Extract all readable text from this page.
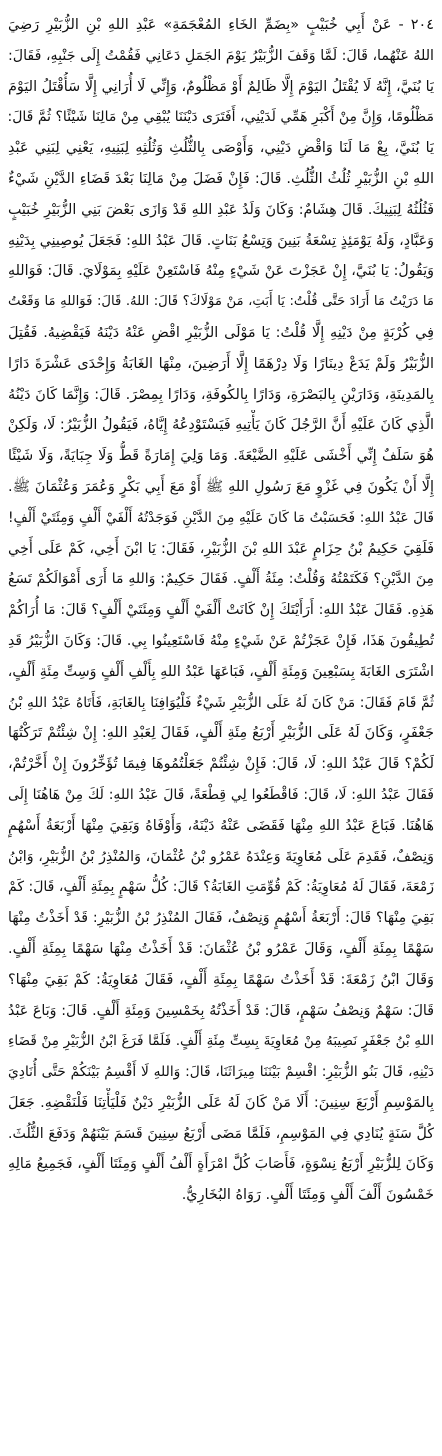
٢٠٤ - عَنْ أَبِي خُبَيْبٍ «بِضَمِّ الخَاءِ المُعْجَمَةِ» عَبْدِ اللهِ بْنِ الزُّبَيْرِ رَضِيَ
اللهُ عَنْهُما، قَالَ: لَمَّا وَقَفَ الزُّبَيْرُ يَوْمَ الجَمَلِ دَعَانِي فَقُمْتُ إِلَى جَنْبِهِ، فَقَالَ:
يَا بُنَيَّ، إِنَّهُ لَا يُقْتَلُ اليَوْمَ إِلَّا ظَالِمٌ أَوْ مَظْلُومٌ، وَإِنِّي لَا أُرَانِي إِلَّا سَأُقْتَلُ اليَوْمَ
مَظْلُومًا، وَإِنَّ مِنْ أَكْبَرِ هَمِّي لَدَيْنِي، أَفَتَرَى دَيْنَنَا يُبْقِي مِنْ مَالِنَا شَيْئًا؟ ثُمَّ قَالَ:
يَا بُنَيَّ، بِعْ مَا لَنَا وَاقْضِ دَيْنِي، وَأَوْصَى بِالثُّلُثِ وَثُلُثِهِ لِبَنِيهِ، يَعْنِي لِبَنِي عَبْدِ
اللهِ بْنِ الزُّبَيْرِ ثُلُثُ الثُّلُثِ. قَالَ: فَإِنْ فَضَلَ مِنْ مَالِنَا بَعْدَ قَضَاءِ الدَّيْنِ شَيْءٌ
فَثُلُثُهُ لِبَنِيكَ. قَالَ هِشَامٌ: وَكَانَ وَلَدُ عَبْدِ اللهِ قَدْ وَازَى بَعْضَ بَنِي الزُّبَيْرِ خُبَيْبٍ
وَعَبَّادٍ، وَلَهُ يَوْمَئِذٍ تِسْعَةُ بَنِينَ وَتِسْعُ بَنَاتٍ. قَالَ عَبْدُ اللهِ: فَجَعَلَ يُوصِينِي بِدَيْنِهِ
وَيَقُولُ: يَا بُنَيَّ، إِنْ عَجَزْتَ عَنْ شَيْءٍ مِنْهُ فَاسْتَعِنْ عَلَيْهِ بِمَوْلَايَ. قَالَ: فَوَاللهِ
مَا دَرَيْتُ مَا أَرَادَ حَتَّى قُلْتُ: يَا أَبَتِ، مَنْ مَوْلَاكَ؟ قَالَ: اللهُ. قَالَ: فَوَاللهِ مَا وَقَعْتُ
فِي كُرْبَةٍ مِنْ دَيْنِهِ إِلَّا قُلْتُ: يَا مَوْلَى الزُّبَيْرِ اقْضِ عَنْهُ دَيْنَهُ فَيَقْضِيهُ. فَقُتِلَ
الزُّبَيْرُ وَلَمْ يَدَعْ دِينَارًا وَلَا دِرْهَمًا إِلَّا أَرَضِينَ، مِنْهَا الغَابَةُ وَإِحْدَى عَشْرَةَ دَارًا
بِالمَدِينَةِ، وَدَارَيْنِ بِالبَصْرَةِ، وَدَارًا بِالكُوفَةِ، وَدَارًا بِمِصْرَ. قَالَ: وَإِنَّمَا كَانَ دَيْنُهُ
الَّذِي كَانَ عَلَيْهِ أَنَّ الرَّجُلَ كَانَ يَأْتِيهِ فَيَسْتَوْدِعُهُ إِيَّاهُ، فَيَقُولُ الزُّبَيْرُ: لَا، وَلَكِنْ
هُوَ سَلَفٌ إِنِّي أَخْشَى عَلَيْهِ الضَّيْعَةَ. وَمَا وَلِيَ إِمَارَةً قَطُّ وَلَا جِبَايَةً، وَلَا شَيْئًا
إِلَّا أَنْ يَكُونَ فِي غَزْوٍ مَعَ رَسُولِ اللهِ ﷺ أَوْ مَعَ أَبِي بَكْرٍ وَعُمَرَ وَعُثْمَانَ ﷺ.
قَالَ عَبْدُ اللهِ: فَحَسَبْتُ مَا كَانَ عَلَيْهِ مِنَ الدَّيْنِ فَوَجَدْتُهُ أَلْفَيْ أَلْفٍ وَمِئَتَيْ أَلْفٍ!
فَلَقِيَ حَكِيمُ بْنُ حِزَامٍ عَبْدَ اللهِ بْنَ الزُّبَيْرِ، فَقَالَ: يَا ابْنَ أَخِي، كَمْ عَلَى أَخِي
مِنَ الدَّيْنِ؟ فَكَتَمْتُهُ وَقُلْتُ: مِئَةُ أَلْفٍ. فَقَالَ حَكِيمٌ: وَاللهِ مَا أَرَى أَمْوَالَكُمْ تَسَعُ
هَذِهِ. فَقَالَ عَبْدُ اللهِ: أَرَأَيْتَكَ إِنْ كَانَتْ أَلْفَيْ أَلْفٍ وَمِئَتَيْ أَلْفٍ؟ قَالَ: مَا أُرَاكُمْ
تُطِيقُونَ هَذَا، فَإِنْ عَجَزْتُمْ عَنْ شَيْءٍ مِنْهُ فَاسْتَعِينُوا بِي. قَالَ: وَكَانَ الزُّبَيْرُ قَدِ
اشْتَرَى الغَابَةَ بِسَبْعِينَ وَمِئَةِ أَلْفٍ، فَبَاعَهَا عَبْدُ اللهِ بِأَلْفِ أَلْفٍ وَسِتِّ مِئَةِ أَلْفٍ،
ثُمَّ قَامَ فَقَالَ: مَنْ كَانَ لَهُ عَلَى الزُّبَيْرِ شَيْءٌ فَلْيُوَافِنَا بِالغَابَةِ، فَأَتَاهُ عَبْدُ اللهِ بْنُ
جَعْفَرٍ، وَكَانَ لَهُ عَلَى الزُّبَيْرِ أَرْبَعُ مِئَةِ أَلْفٍ، فَقَالَ لِعَبْدِ اللهِ: إِنْ شِئْتُمْ تَرَكْتُهَا
لَكُمْ؟ قَالَ عَبْدُ اللهِ: لَا، قَالَ: فَإِنْ شِئْتُمْ جَعَلْتُمُوهَا فِيمَا تُؤَخِّرُونَ إِنْ أَخَّرْتُمْ،
فَقَالَ عَبْدُ اللهِ: لَا، قَالَ: فَاقْطَعُوا لِي قِطْعَةً، قَالَ عَبْدُ اللهِ: لَكَ مِنْ هَاهُنَا إِلَى
هَاهُنَا. فَبَاعَ عَبْدُ اللهِ مِنْهَا فَقَضَى عَنْهُ دَيْنَهُ، وَأَوْفَاهُ وَبَقِيَ مِنْهَا أَرْبَعَةُ أَسْهُمٍ
وَنِصْفٌ، فَقَدِمَ عَلَى مُعَاوِيَةَ وَعِنْدَهُ عَمْرُو بْنُ عُثْمَانَ، وَالمُنْذِرُ بْنُ الزُّبَيْرِ، وَابْنُ
زَمْعَةَ، فَقَالَ لَهُ مُعَاوِيَةُ: كَمْ قُوِّمَتِ الغَابَةُ؟ قَالَ: كُلُّ سَهْمٍ بِمِئَةِ أَلْفٍ، قَالَ: كَمْ
بَقِيَ مِنْهَا؟ قَالَ: أَرْبَعَةُ أَسْهُمٍ وَنِصْفٌ، فَقَالَ المُنْذِرُ بْنُ الزُّبَيْرِ: قَدْ أَخَذْتُ مِنْهَا
سَهْمًا بِمِئَةِ أَلْفٍ، وَقَالَ عَمْرُو بْنُ عُثْمَانَ: قَدْ أَخَذْتُ مِنْهَا سَهْمًا بِمِئَةِ أَلْفٍ.
وَقَالَ ابْنُ زَمْعَةَ: قَدْ أَخَذْتُ سَهْمًا بِمِئَةِ أَلْفٍ، فَقَالَ مُعَاوِيَةُ: كَمْ بَقِيَ مِنْهَا؟
قَالَ: سَهْمٌ وَنِصْفُ سَهْمٍ، قَالَ: قَدْ أَخَذْتُهُ بِخَمْسِينَ وَمِئَةِ أَلْفٍ. قَالَ: وَبَاعَ عَبْدُ
اللهِ بْنُ جَعْفَرٍ نَصِيبَهُ مِنْ مُعَاوِيَةَ بِسِتِّ مِئَةِ أَلْفٍ. فَلَمَّا فَرَغَ ابْنُ الزُّبَيْرِ مِنْ قَضَاءِ
دَيْنِهِ، قَالَ بَنُو الزُّبَيْرِ: اقْسِمْ بَيْنَنَا مِيرَاثَنَا، قَالَ: وَاللهِ لَا أَقْسِمُ بَيْنَكُمْ حَتَّى أُنَادِيَ
بِالمَوْسِمِ أَرْبَعَ سِنِينَ: أَلَا مَنْ كَانَ لَهُ عَلَى الزُّبَيْرِ دَيْنٌ فَلْيَأْتِنَا فَلْنَقْضِهِ. جَعَلَ
كُلَّ سَنَةٍ يُنَادِي فِي المَوْسِمِ، فَلَمَّا مَضَى أَرْبَعُ سِنِينَ قَسَمَ بَيْنَهُمْ وَدَفَعَ الثُّلُثَ.
وَكَانَ لِلزُّبَيْرِ أَرْبَعُ نِسْوَةٍ، فَأَصَابَ كُلَّ امْرَأَةٍ أَلْفُ أَلْفٍ وَمِئَتَا أَلْفٍ، فَجَمِيعُ مَالِهِ
خَمْسُونَ أَلْفَ أَلْفٍ وَمِئَتَا أَلْفٍ. رَوَاهُ البُخَارِيُّ.
